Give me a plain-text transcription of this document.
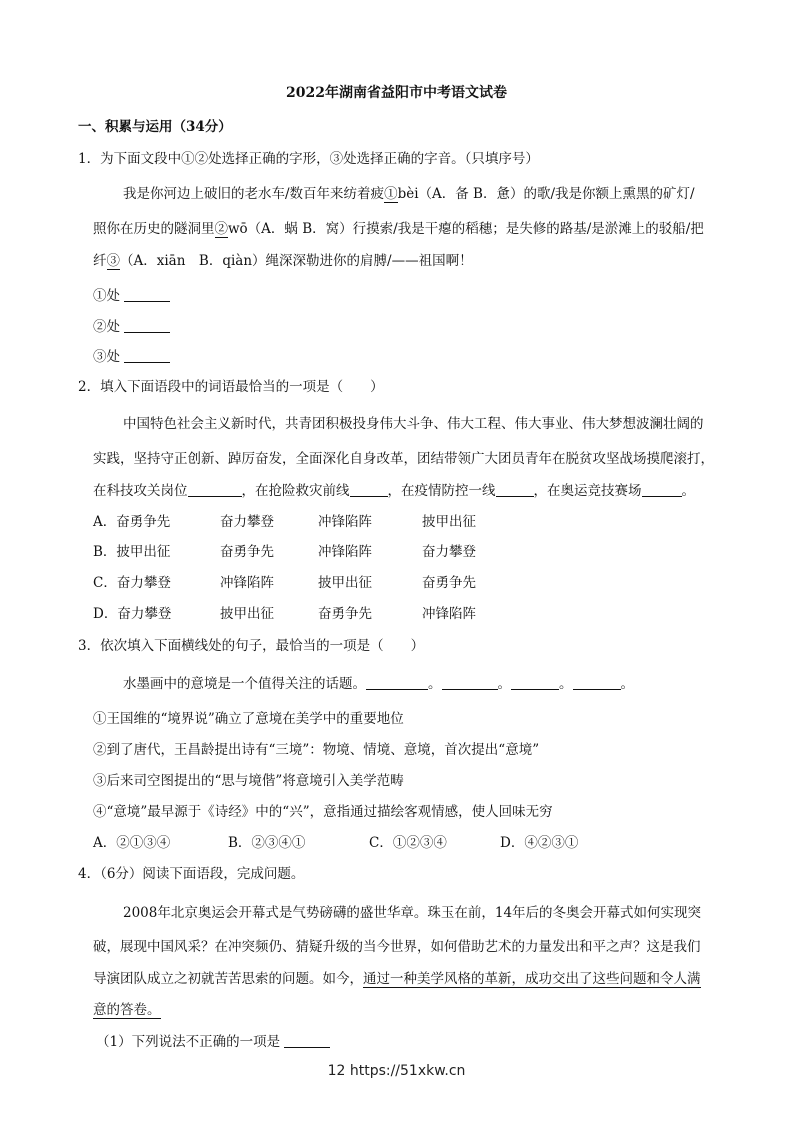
2022年湖南省益阳市中考语文试卷
一、积累与运用（34分）
1．为下面文段中①②处选择正确的字形，③处选择正确的字音。（只填序号）
我是你河边上破旧的老水车/数百年来纺着疲①bèi（A．备 B．惫）的歌/我是你额上熏黑的矿灯/
照你在历史的隧洞里②wō（A．蜗 B．窝）行摸索/我是干瘪的稻穗；是失修的路基/是淤滩上的驳船/把
纤③（A．xiān　B．qiàn）绳深深勒进你的肩膊/——祖国啊！
①处
②处
③处
2．填入下面语段中的词语最恰当的一项是（　　）
中国特色社会主义新时代，共青团积极投身伟大斗争、伟大工程、伟大事业、伟大梦想波澜壮阔的
实践，坚持守正创新、踔厉奋发，全面深化自身改革，团结带领广大团员青年在脱贫攻坚战场摸爬滚打，
在科技攻关岗位	，在抢险救灾前线	，在疫情防控一线	，在奥运竞技赛场	。
A．奋勇争先	奋力攀登	冲锋陷阵	披甲出征
B．披甲出征	奋勇争先	冲锋陷阵	奋力攀登
C．奋力攀登	冲锋陷阵	披甲出征	奋勇争先
D．奋力攀登	披甲出征	奋勇争先	冲锋陷阵
3．依次填入下面横线处的句子，最恰当的一项是（　　）
水墨画中的意境是一个值得关注的话题。	。	。	。	。
①王国维的“境界说”确立了意境在美学中的重要地位
②到了唐代，王昌龄提出诗有“三境”：物境、情境、意境，首次提出“意境”
③后来司空图提出的“思与境偕”将意境引入美学范畴
④“意境”最早源于《诗经》中的“兴”，意指通过描绘客观情感，使人回味无穷
A．②①③④	B．②③④①	C．①②③④	D．④②③①
4．（6分）阅读下面语段，完成问题。
2008年北京奥运会开幕式是气势磅礴的盛世华章。珠玉在前，14年后的冬奥会开幕式如何实现突
破，展现中国风采？在冲突频仍、猜疑升级的当今世界，如何借助艺术的力量发出和平之声？这是我们
导演团队成立之初就苦苦思索的问题。如今，通过一种美学风格的革新，成功交出了这些问题和令人满
意的答卷。
（1）下列说法不正确的一项是
12 https://51xkw.cn
